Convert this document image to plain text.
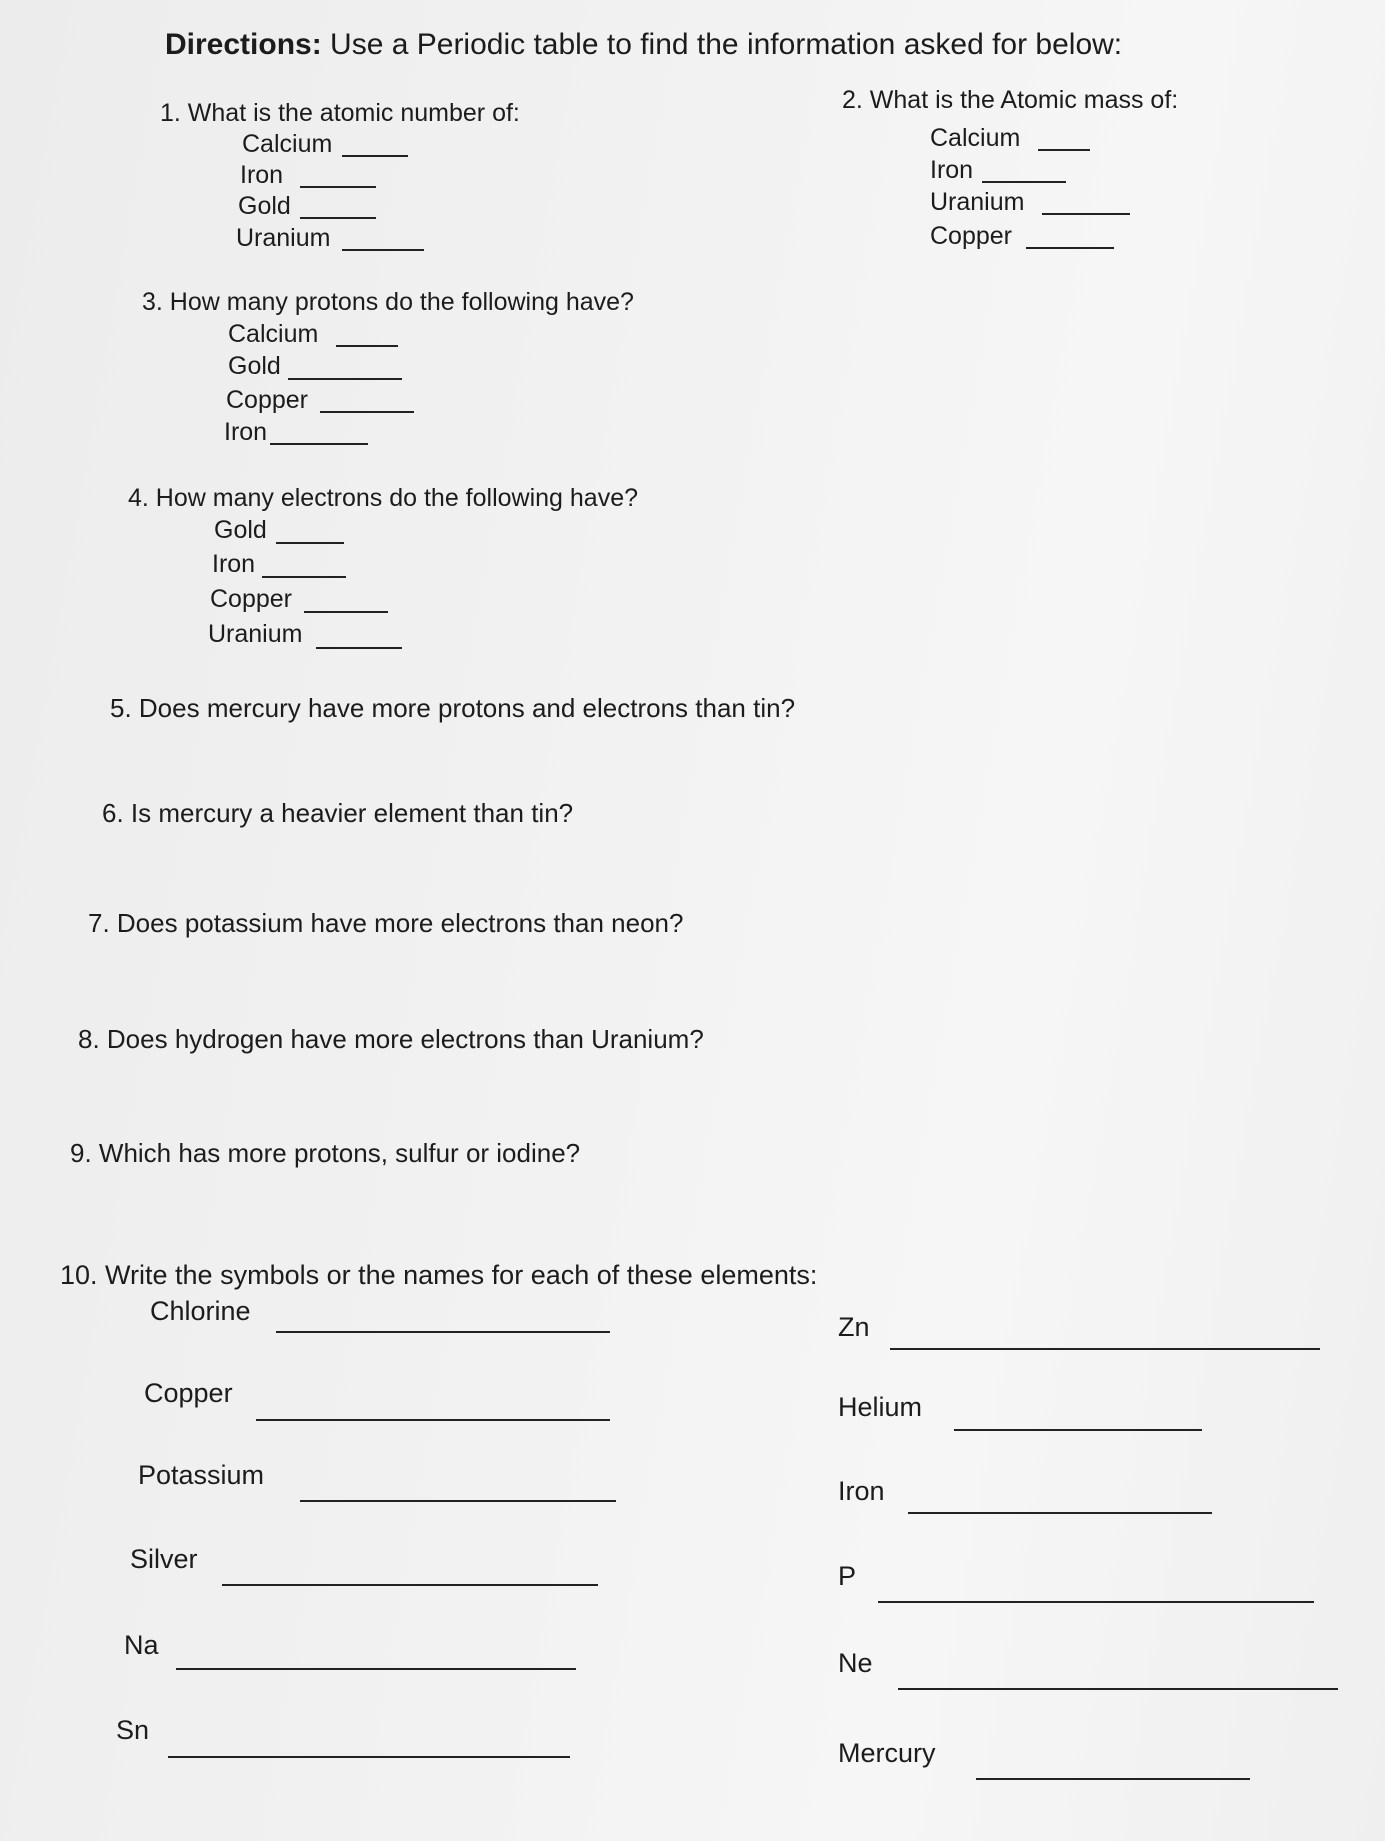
Directions: Use a Periodic table to find the information asked for below:
1. What is the atomic number of:
Calcium
Iron
Gold
Uranium
2. What is the Atomic mass of:
Calcium
Iron
Uranium
Copper
3. How many protons do the following have?
Calcium
Gold
Copper
Iron
4. How many electrons do the following have?
Gold
Iron
Copper
Uranium
5. Does mercury have more protons and electrons than tin?
6. Is mercury a heavier element than tin?
7. Does potassium have more electrons than neon?
8. Does hydrogen have more electrons than Uranium?
9. Which has more protons, sulfur or iodine?
10. Write the symbols or the names for each of these elements:
Chlorine
Zn
Copper	Helium
Potassium
Iron
Silver
P
Na
Ne
Sn
Mercury
